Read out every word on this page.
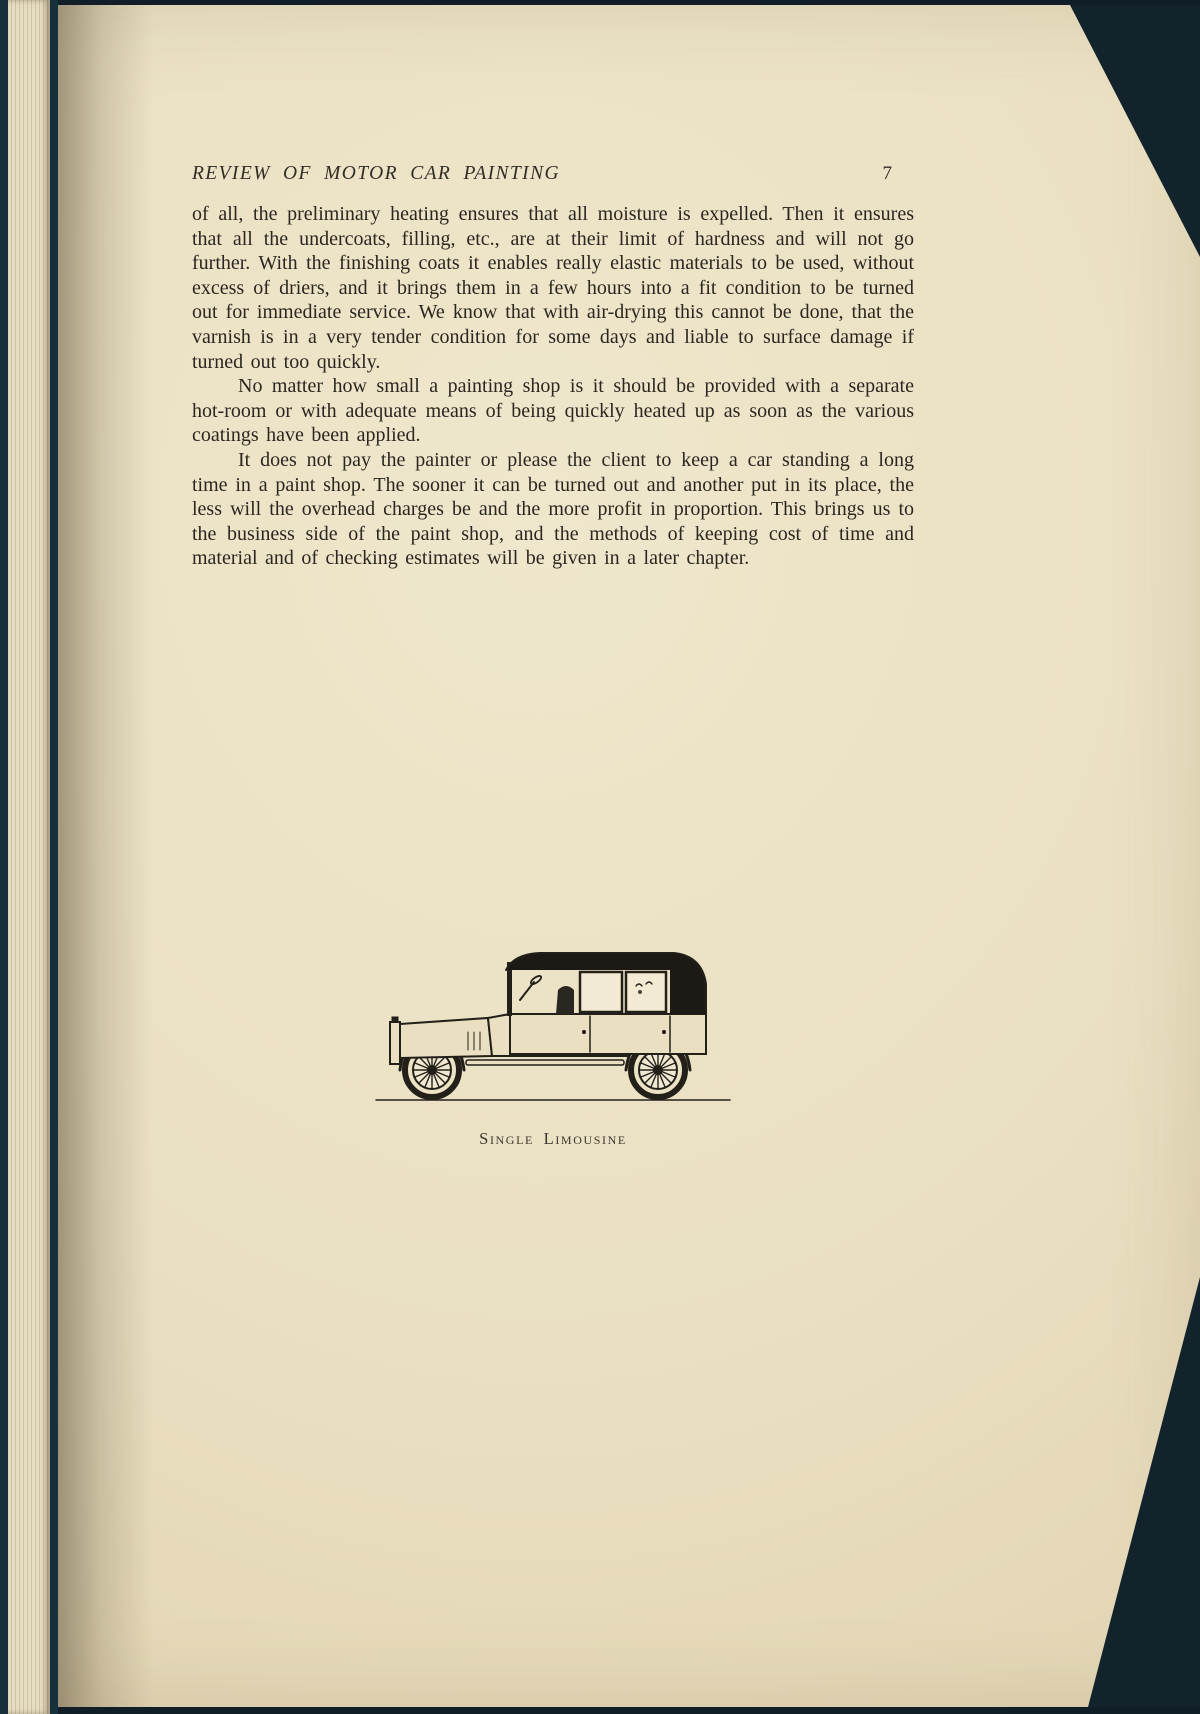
REVIEW OF MOTOR CAR PAINTING	7

of all, the preliminary heating ensures that all moisture is expelled. Then it ensures that all the undercoats, filling, etc., are at their limit of hardness and will not go further. With the finishing coats it enables really elastic materials to be used, without excess of driers, and it brings them in a few hours into a fit condition to be turned out for immediate service. We know that with air-drying this cannot be done, that the varnish is in a very tender condition for some days and liable to surface damage if turned out too quickly.

No matter how small a painting shop is it should be provided with a separate hot-room or with adequate means of being quickly heated up as soon as the various coatings have been applied.

It does not pay the painter or please the client to keep a car standing a long time in a paint shop. The sooner it can be turned out and another put in its place, the less will the overhead charges be and the more profit in proportion. This brings us to the business side of the paint shop, and the methods of keeping cost of time and material and of checking estimates will be given in a later chapter.

Single Limousine
